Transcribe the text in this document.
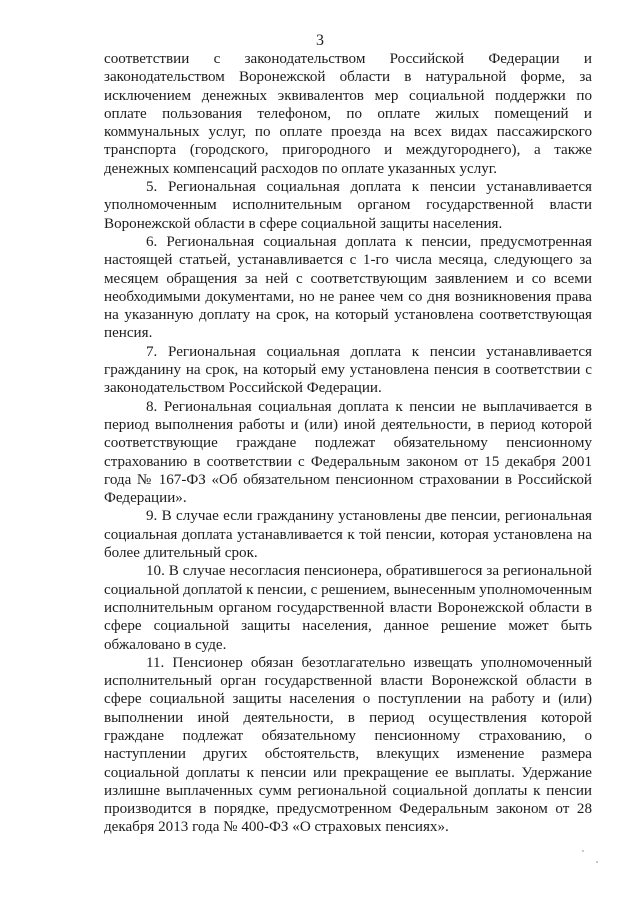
3

соответствии с законодательством Российской Федерации и законодательством Воронежской области в натуральной форме, за исключением денежных эквивалентов мер социальной поддержки по оплате пользования телефоном, по оплате жилых помещений и коммунальных услуг, по оплате проезда на всех видах пассажирского транспорта (городского, пригородного и междугороднего), а также денежных компенсаций расходов по оплате указанных услуг.

5. Региональная социальная доплата к пенсии устанавливается уполномоченным исполнительным органом государственной власти Воронежской области в сфере социальной защиты населения.

6. Региональная социальная доплата к пенсии, предусмотренная настоящей статьей, устанавливается с 1-го числа месяца, следующего за месяцем обращения за ней с соответствующим заявлением и со всеми необходимыми документами, но не ранее чем со дня возникновения права на указанную доплату на срок, на который установлена соответствующая пенсия.

7. Региональная социальная доплата к пенсии устанавливается гражданину на срок, на который ему установлена пенсия в соответствии с законодательством Российской Федерации.

8. Региональная социальная доплата к пенсии не выплачивается в период выполнения работы и (или) иной деятельности, в период которой соответствующие граждане подлежат обязательному пенсионному страхованию в соответствии с Федеральным законом от 15 декабря 2001 года № 167-ФЗ «Об обязательном пенсионном страховании в Российской Федерации».

9. В случае если гражданину установлены две пенсии, региональная социальная доплата устанавливается к той пенсии, которая установлена на более длительный срок.

10. В случае несогласия пенсионера, обратившегося за региональной социальной доплатой к пенсии, с решением, вынесенным уполномоченным исполнительным органом государственной власти Воронежской области в сфере социальной защиты населения, данное решение может быть обжаловано в суде.

11. Пенсионер обязан безотлагательно извещать уполномоченный исполнительный орган государственной власти Воронежской области в сфере социальной защиты населения о поступлении на работу и (или) выполнении иной деятельности, в период осуществления которой граждане подлежат обязательному пенсионному страхованию, о наступлении других обстоятельств, влекущих изменение размера социальной доплаты к пенсии или прекращение ее выплаты. Удержание излишне выплаченных сумм региональной социальной доплаты к пенсии производится в порядке, предусмотренном Федеральным законом от 28 декабря 2013 года № 400-ФЗ «О страховых пенсиях».
